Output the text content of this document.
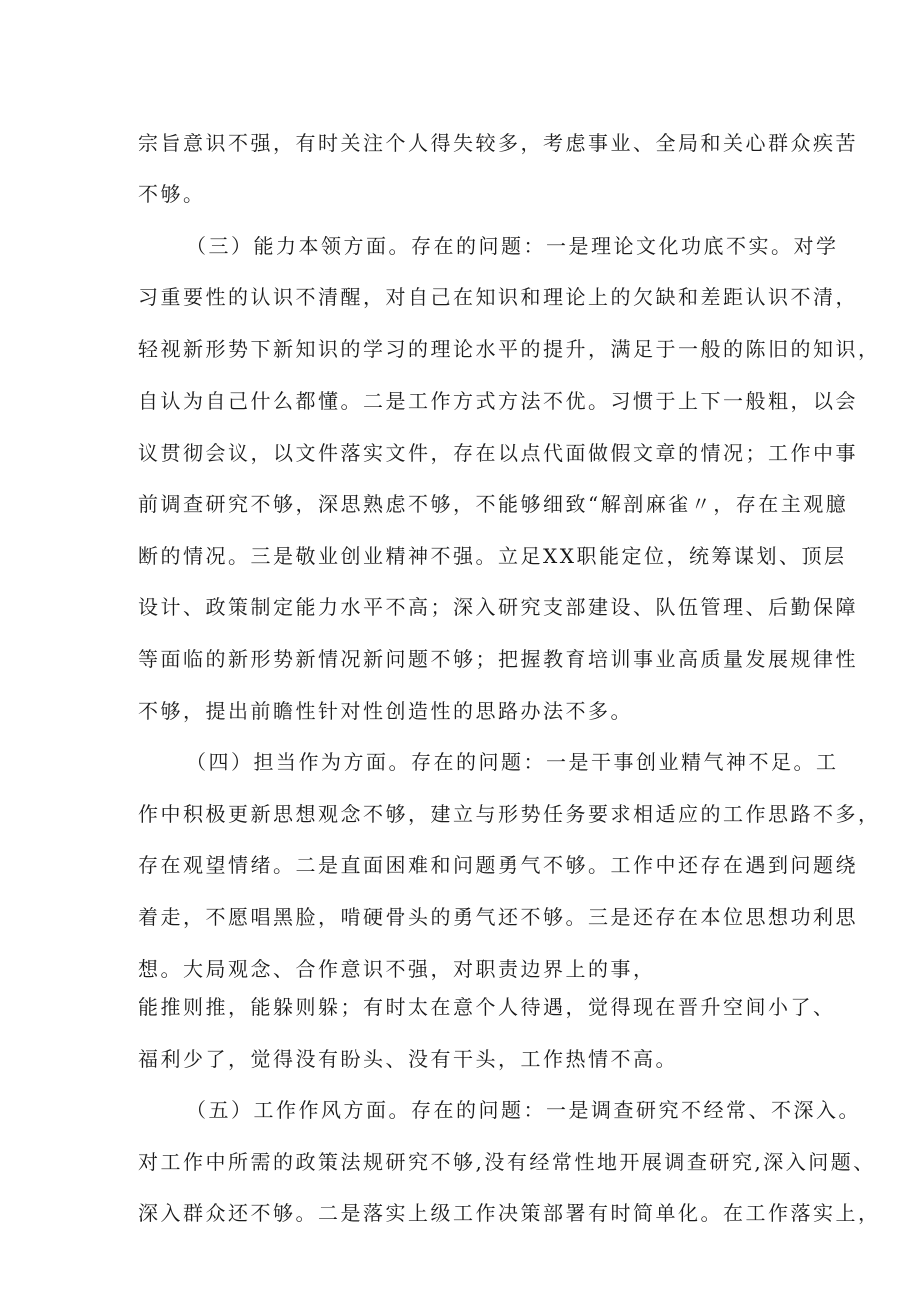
宗旨意识不强，有时关注个人得失较多，考虑事业、全局和关心群众疾苦
不够。
（三）能力本领方面。存在的问题：一是理论文化功底不实。对学
习重要性的认识不清醒，对自己在知识和理论上的欠缺和差距认识不清，
轻视新形势下新知识的学习的理论水平的提升，满足于一般的陈旧的知识，
自认为自己什么都懂。二是工作方式方法不优。习惯于上下一般粗，以会
议贯彻会议，以文件落实文件，存在以点代面做假文章的情况；工作中事
前调查研究不够，深思熟虑不够，不能够细致“解剖麻雀〃，存在主观臆
断的情况。三是敬业创业精神不强。立足XX职能定位，统筹谋划、顶层
设计、政策制定能力水平不高；深入研究支部建设、队伍管理、后勤保障
等面临的新形势新情况新问题不够；把握教育培训事业高质量发展规律性
不够，提出前瞻性针对性创造性的思路办法不多。
（四）担当作为方面。存在的问题：一是干事创业精气神不足。工
作中积极更新思想观念不够，建立与形势任务要求相适应的工作思路不多，
存在观望情绪。二是直面困难和问题勇气不够。工作中还存在遇到问题绕
着走，不愿唱黑脸，啃硬骨头的勇气还不够。三是还存在本位思想功利思
想。大局观念、合作意识不强，对职责边界上的事，
能推则推，能躲则躲；有时太在意个人待遇，觉得现在晋升空间小了、
福利少了，觉得没有盼头、没有干头，工作热情不高。
（五）工作作风方面。存在的问题：一是调查研究不经常、不深入。
对工作中所需的政策法规研究不够,没有经常性地开展调查研究,深入问题、
深入群众还不够。二是落实上级工作决策部署有时简单化。在工作落实上，
